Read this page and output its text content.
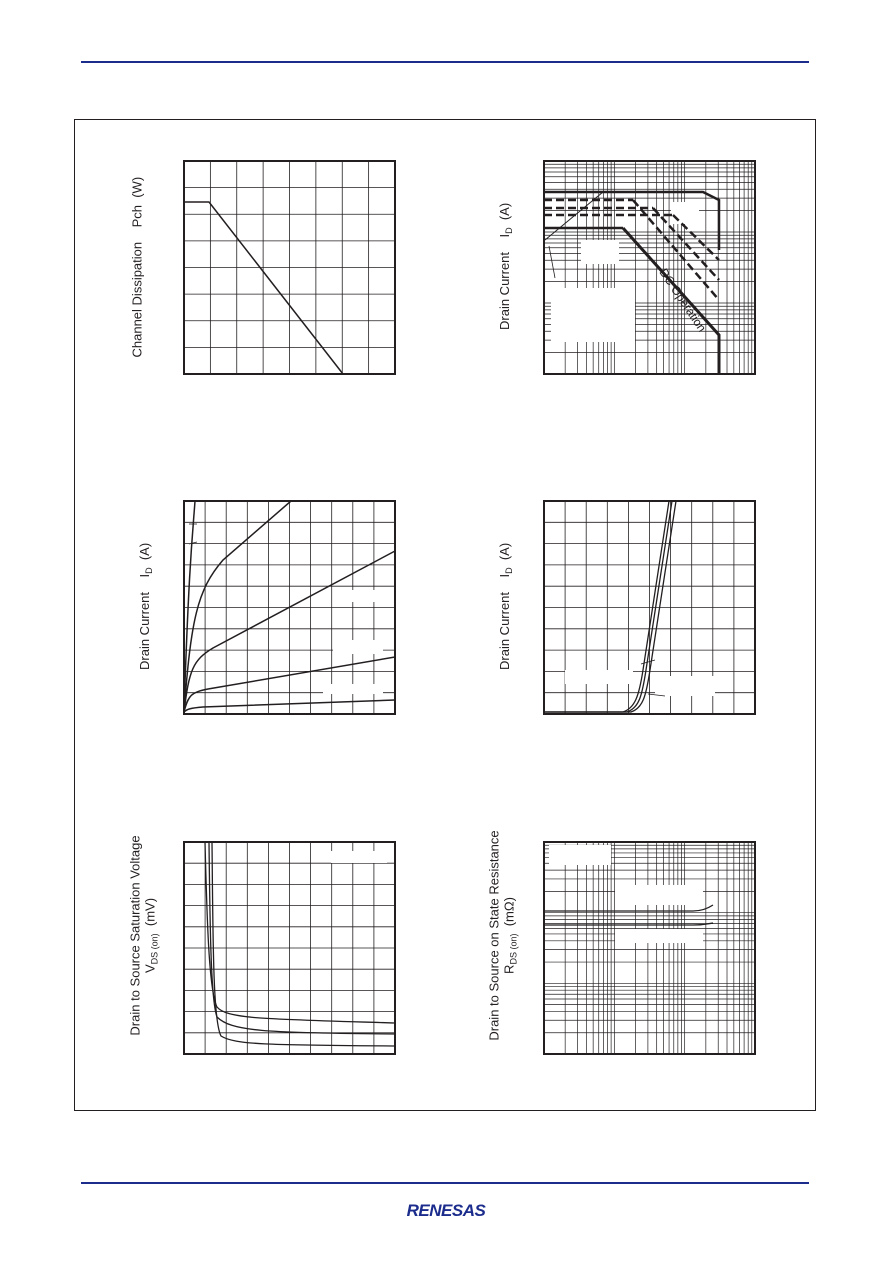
Channel Dissipation    Pch  (W)
DC Operation
Drain Current    $I_D$  (A)
Drain Current    $I_D$  (A)
Drain Current    $I_D$  (A)
Drain to Source Saturation Voltage $V_{DS (on)}$  (mV)	Drain to Source on State Resistance $R_{DS (on)}$  (mΩ)
RENESAS
